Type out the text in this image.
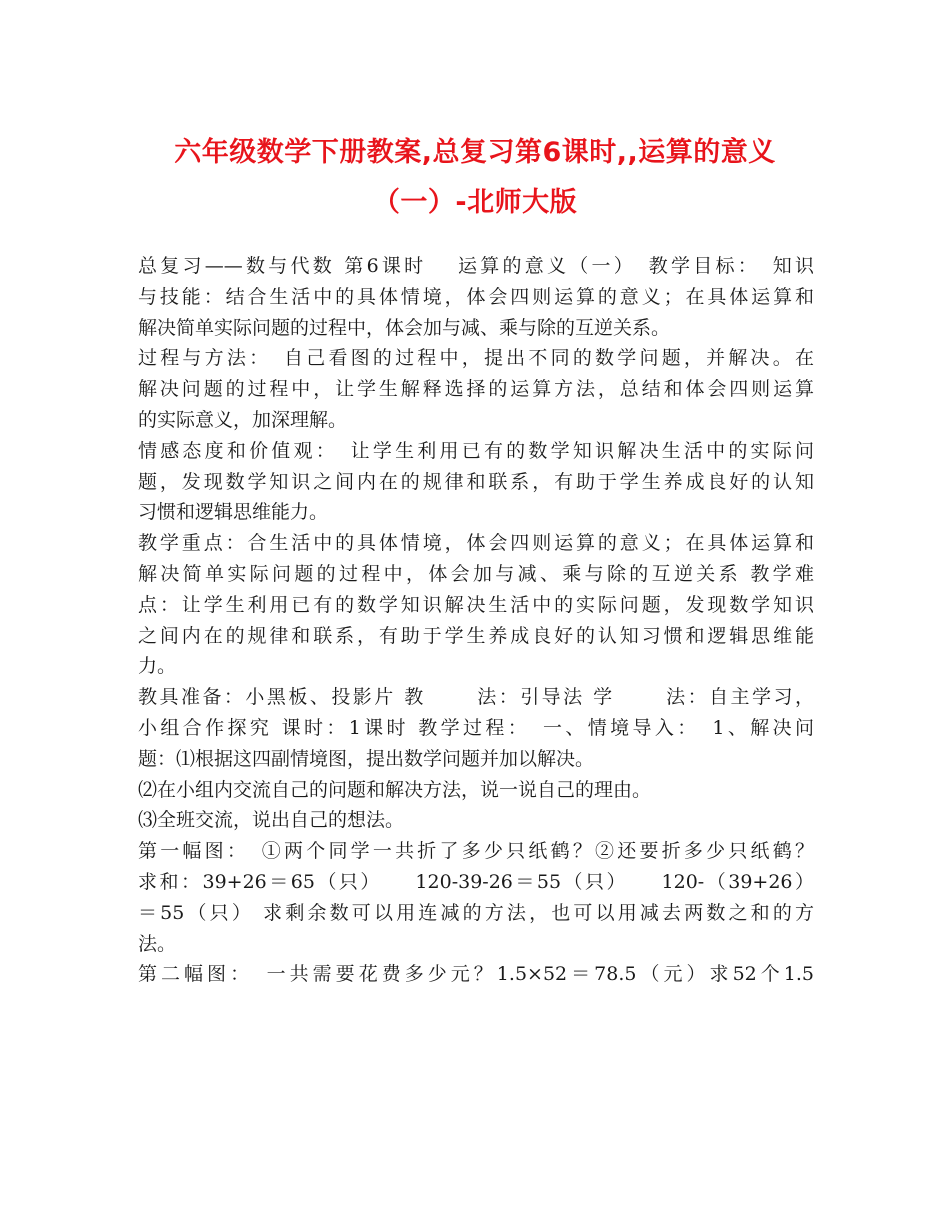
六年级数学下册教案,总复习第6课时,,运算的意义
（一）-北师大版
总复习——数与代数 第6课时　 运算的意义（一）　教学目标：　知识
与技能：结合生活中的具体情境，体会四则运算的意义；在具体运算和
解决简单实际问题的过程中，体会加与减、乘与除的互逆关系。
过程与方法：　自己看图的过程中，提出不同的数学问题，并解决。在
解决问题的过程中，让学生解释选择的运算方法，总结和体会四则运算
的实际意义，加深理解。
情感态度和价值观：　让学生利用已有的数学知识解决生活中的实际问
题，发现数学知识之间内在的规律和联系，有助于学生养成良好的认知
习惯和逻辑思维能力。
教学重点：合生活中的具体情境，体会四则运算的意义；在具体运算和
解决简单实际问题的过程中，体会加与减、乘与除的互逆关系 教学难
点：让学生利用已有的数学知识解决生活中的实际问题，发现数学知识
之间内在的规律和联系，有助于学生养成良好的认知习惯和逻辑思维能
力。
教具准备：小黑板、投影片 教　　 法：引导法 学　　 法：自主学习，
小组合作探究 课时：1课时 教学过程：　一、情境导入：　1、解决问
题：⑴根据这四副情境图，提出数学问题并加以解决。
⑵在小组内交流自己的问题和解决方法，说一说自己的理由。
⑶全班交流，说出自己的想法。
第一幅图：　①两个同学一共折了多少只纸鹤？②还要折多少只纸鹤？
求和：39+26＝65（只）　　120-39-26＝55（只）　　120-（39+26）
＝55（只） 求剩余数可以用连减的方法，也可以用减去两数之和的方
法。
第二幅图：　一共需要花费多少元？1.5×52＝78.5（元）求52个1.5
